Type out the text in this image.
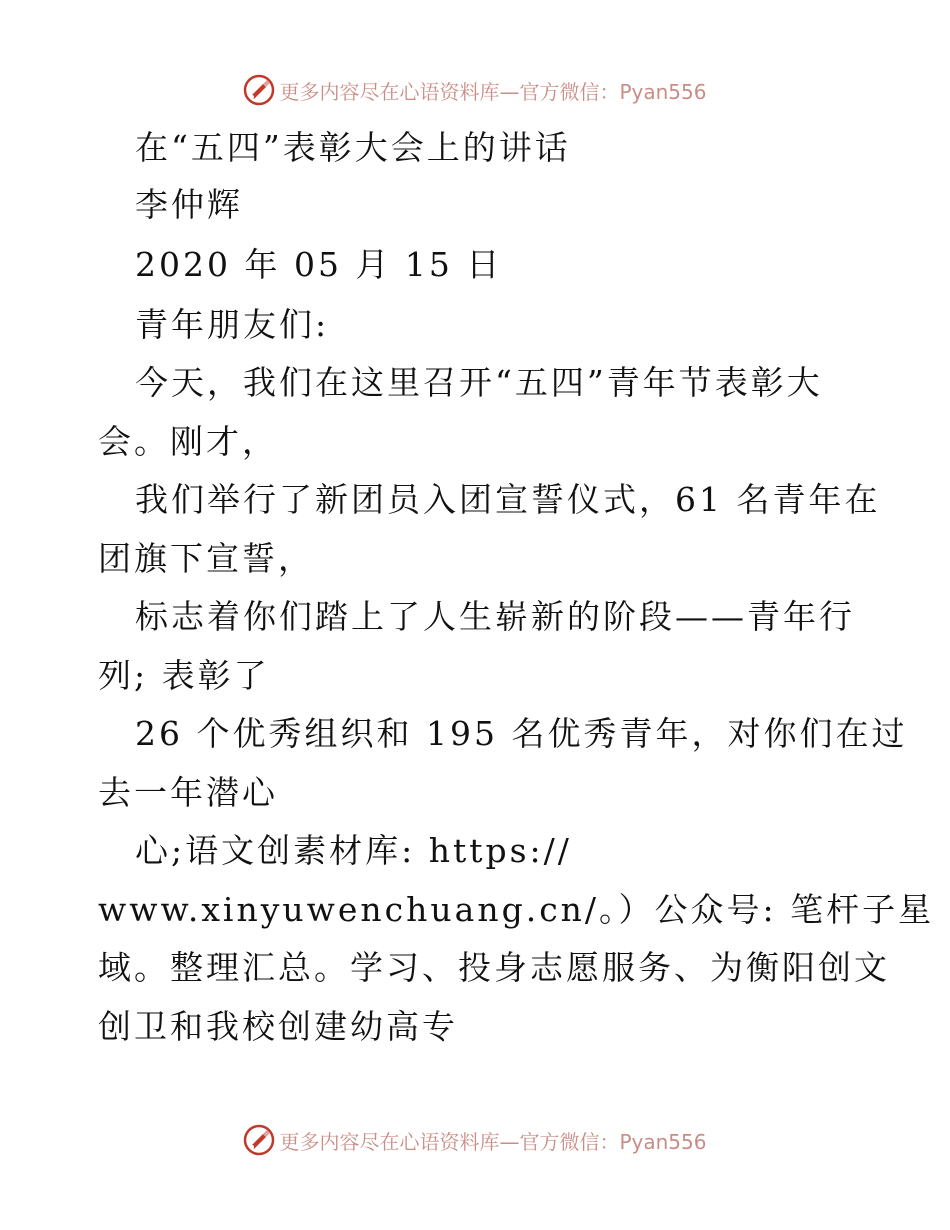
更多内容尽在心语资料库—官方微信：Pyan556
在“五四”表彰大会上的讲话
李仲辉
2020 年 05 月 15 日
青年朋友们:
今天，我们在这里召开“五四”青年节表彰大
会。刚才，
我们举行了新团员入团宣誓仪式，61 名青年在
团旗下宣誓，
标志着你们踏上了人生崭新的阶段——青年行
列; 表彰了
26 个优秀组织和 195 名优秀青年，对你们在过
去一年潜心
心;语文创素材库: https://
www.xinyuwenchuang.cn/。）公众号: 笔杆子星
域。整理汇总。学习、投身志愿服务、为衡阳创文
创卫和我校创建幼高专
更多内容尽在心语资料库—官方微信：Pyan556
